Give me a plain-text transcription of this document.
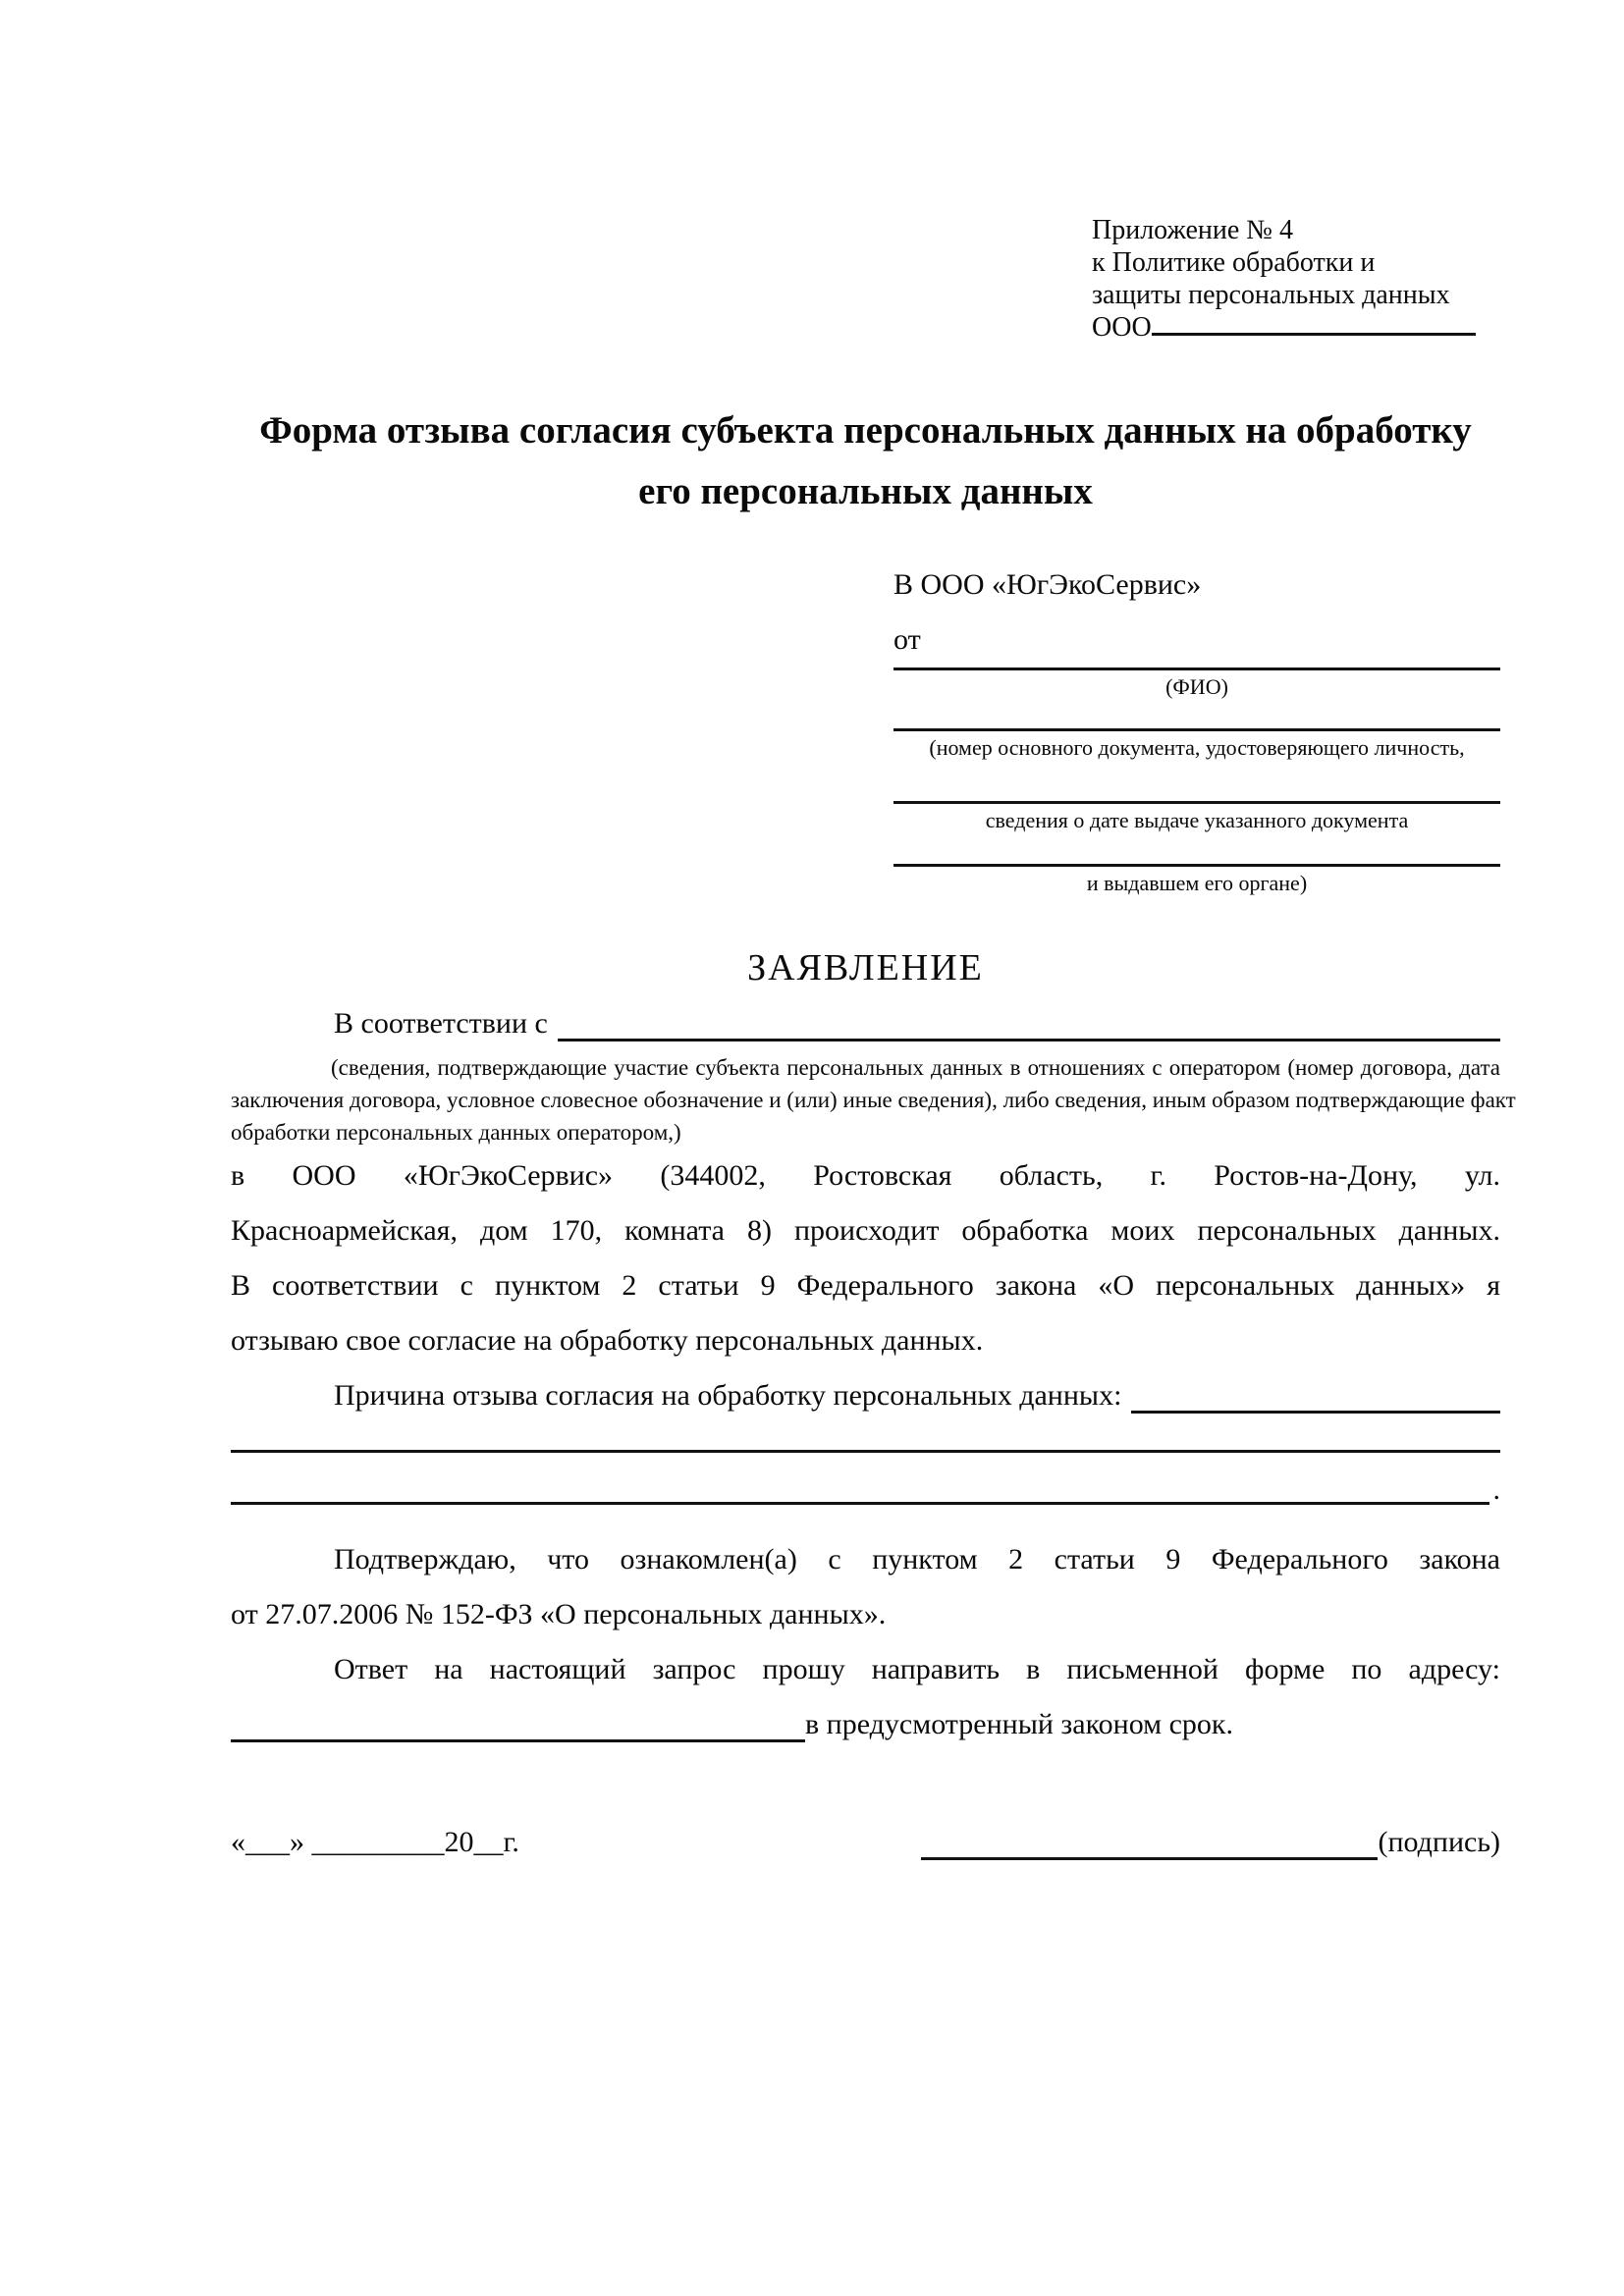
Приложение № 4
к Политике обработки и
защиты персональных данных
ООО
Форма отзыва согласия субъекта персональных данных на обработку
его персональных данных
В ООО «ЮгЭкоСервис»
от
(ФИО)
(номер основного документа, удостоверяющего личность,
сведения о дате выдаче указанного документа
и выдавшем его органе)
ЗАЯВЛЕНИЕ
В соответствии с
(сведения, подтверждающие участие субъекта персональных данных в отношениях с оператором (номер договора, дата
заключения договора, условное словесное обозначение и (или) иные сведения), либо сведения, иным образом подтверждающие факт
обработки персональных данных оператором,)
в ООО «ЮгЭкоСервис» (344002, Ростовская область, г. Ростов-на-Дону, ул.
Красноармейская, дом 170, комната 8) происходит обработка моих персональных данных.
В соответствии с пунктом 2 статьи 9 Федерального закона «О персональных данных» я
отзываю свое согласие на обработку персональных данных.
Причина отзыва согласия на обработку персональных данных:
.
Подтверждаю, что ознакомлен(а) с пунктом 2 статьи 9 Федерального закона
от 27.07.2006 № 152-ФЗ «О персональных данных».
Ответ на настоящий запрос прошу направить в письменной форме по адресу:
в предусмотренный законом срок.
«___» _________20__г.	(подпись)
